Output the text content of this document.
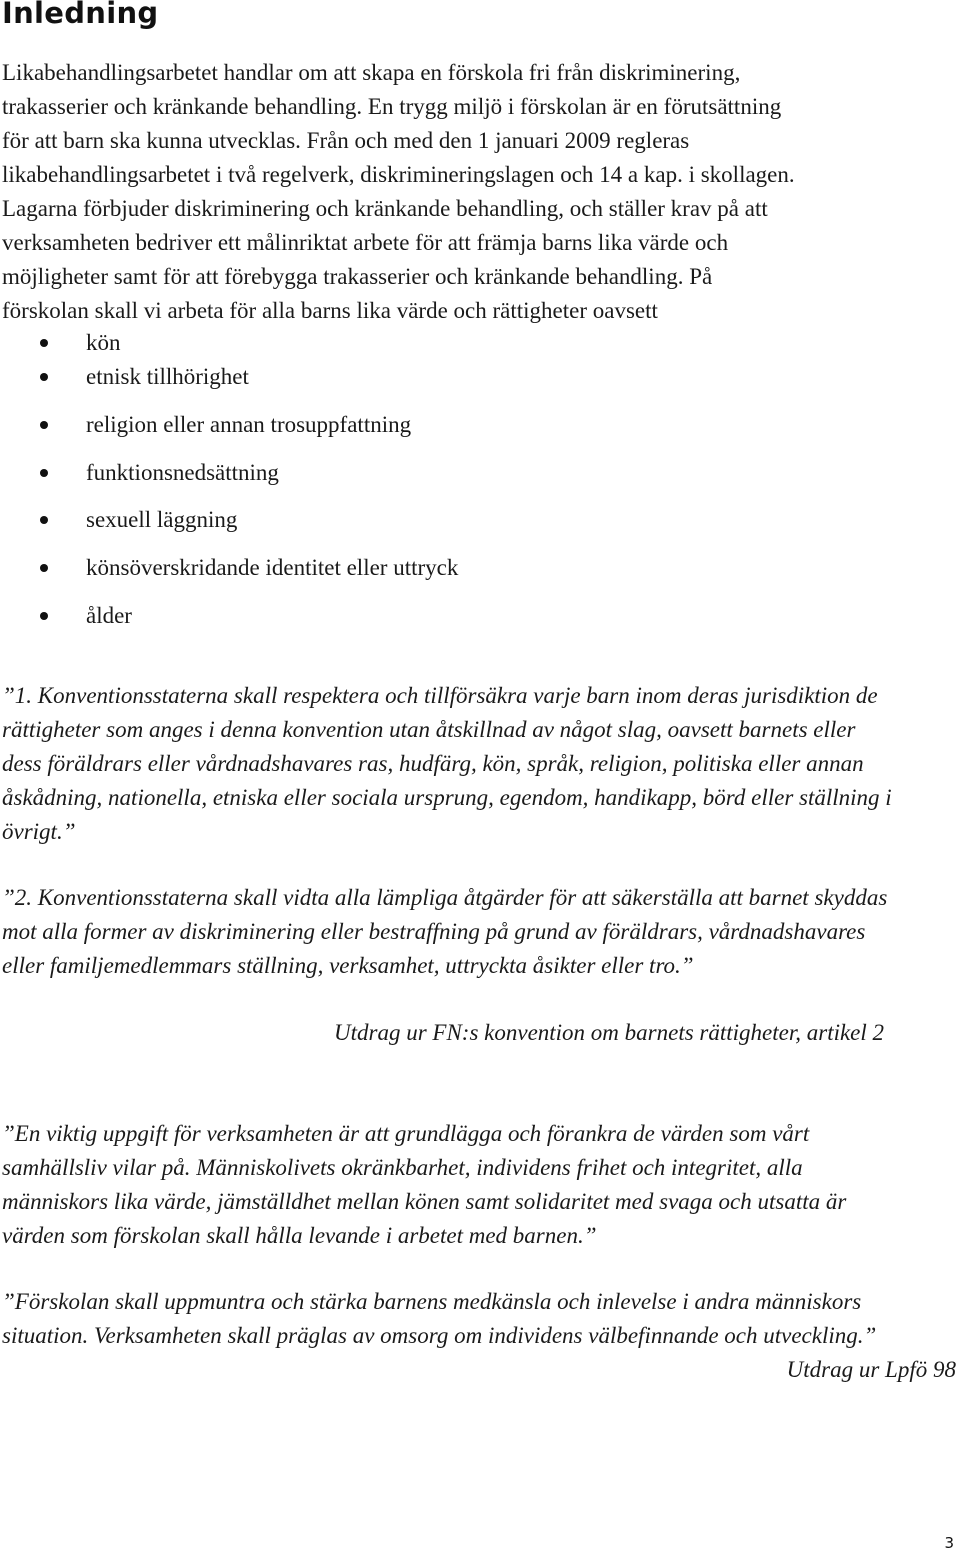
Inledning

Likabehandlingsarbetet handlar om att skapa en förskola fri från diskriminering,
trakasserier och kränkande behandling. En trygg miljö i förskolan är en förutsättning
för att barn ska kunna utvecklas. Från och med den 1 januari 2009 regleras
likabehandlingsarbetet i två regelverk, diskrimineringslagen och 14 a kap. i skollagen.
Lagarna förbjuder diskriminering och kränkande behandling, och ställer krav på att
verksamheten bedriver ett målinriktat arbete för att främja barns lika värde och
möjligheter samt för att förebygga trakasserier och kränkande behandling. På
förskolan skall vi arbeta för alla barns lika värde och rättigheter oavsett

kön
etnisk tillhörighet
religion eller annan trosuppfattning
funktionsnedsättning
sexuell läggning
könsöverskridande identitet eller uttryck
ålder

”1. Konventionsstaterna skall respektera och tillförsäkra varje barn inom deras jurisdiktion de
rättigheter som anges i denna konvention utan åtskillnad av något slag, oavsett barnets eller
dess föräldrars eller vårdnadshavares ras, hudfärg, kön, språk, religion, politiska eller annan
åskådning, nationella, etniska eller sociala ursprung, egendom, handikapp, börd eller ställning i
övrigt.”

”2. Konventionsstaterna skall vidta alla lämpliga åtgärder för att säkerställa att barnet skyddas
mot alla former av diskriminering eller bestraffning på grund av föräldrars, vårdnadshavares
eller familjemedlemmars ställning, verksamhet, uttryckta åsikter eller tro.”

Utdrag ur FN:s konvention om barnets rättigheter, artikel 2

”En viktig uppgift för verksamheten är att grundlägga och förankra de värden som vårt
samhällsliv vilar på. Människolivets okränkbarhet, individens frihet och integritet, alla
människors lika värde, jämställdhet mellan könen samt solidaritet med svaga och utsatta är
värden som förskolan skall hålla levande i arbetet med barnen.”

”Förskolan skall uppmuntra och stärka barnens medkänsla och inlevelse i andra människors
situation. Verksamheten skall präglas av omsorg om individens välbefinnande och utveckling.”

Utdrag ur Lpfö 98

3
